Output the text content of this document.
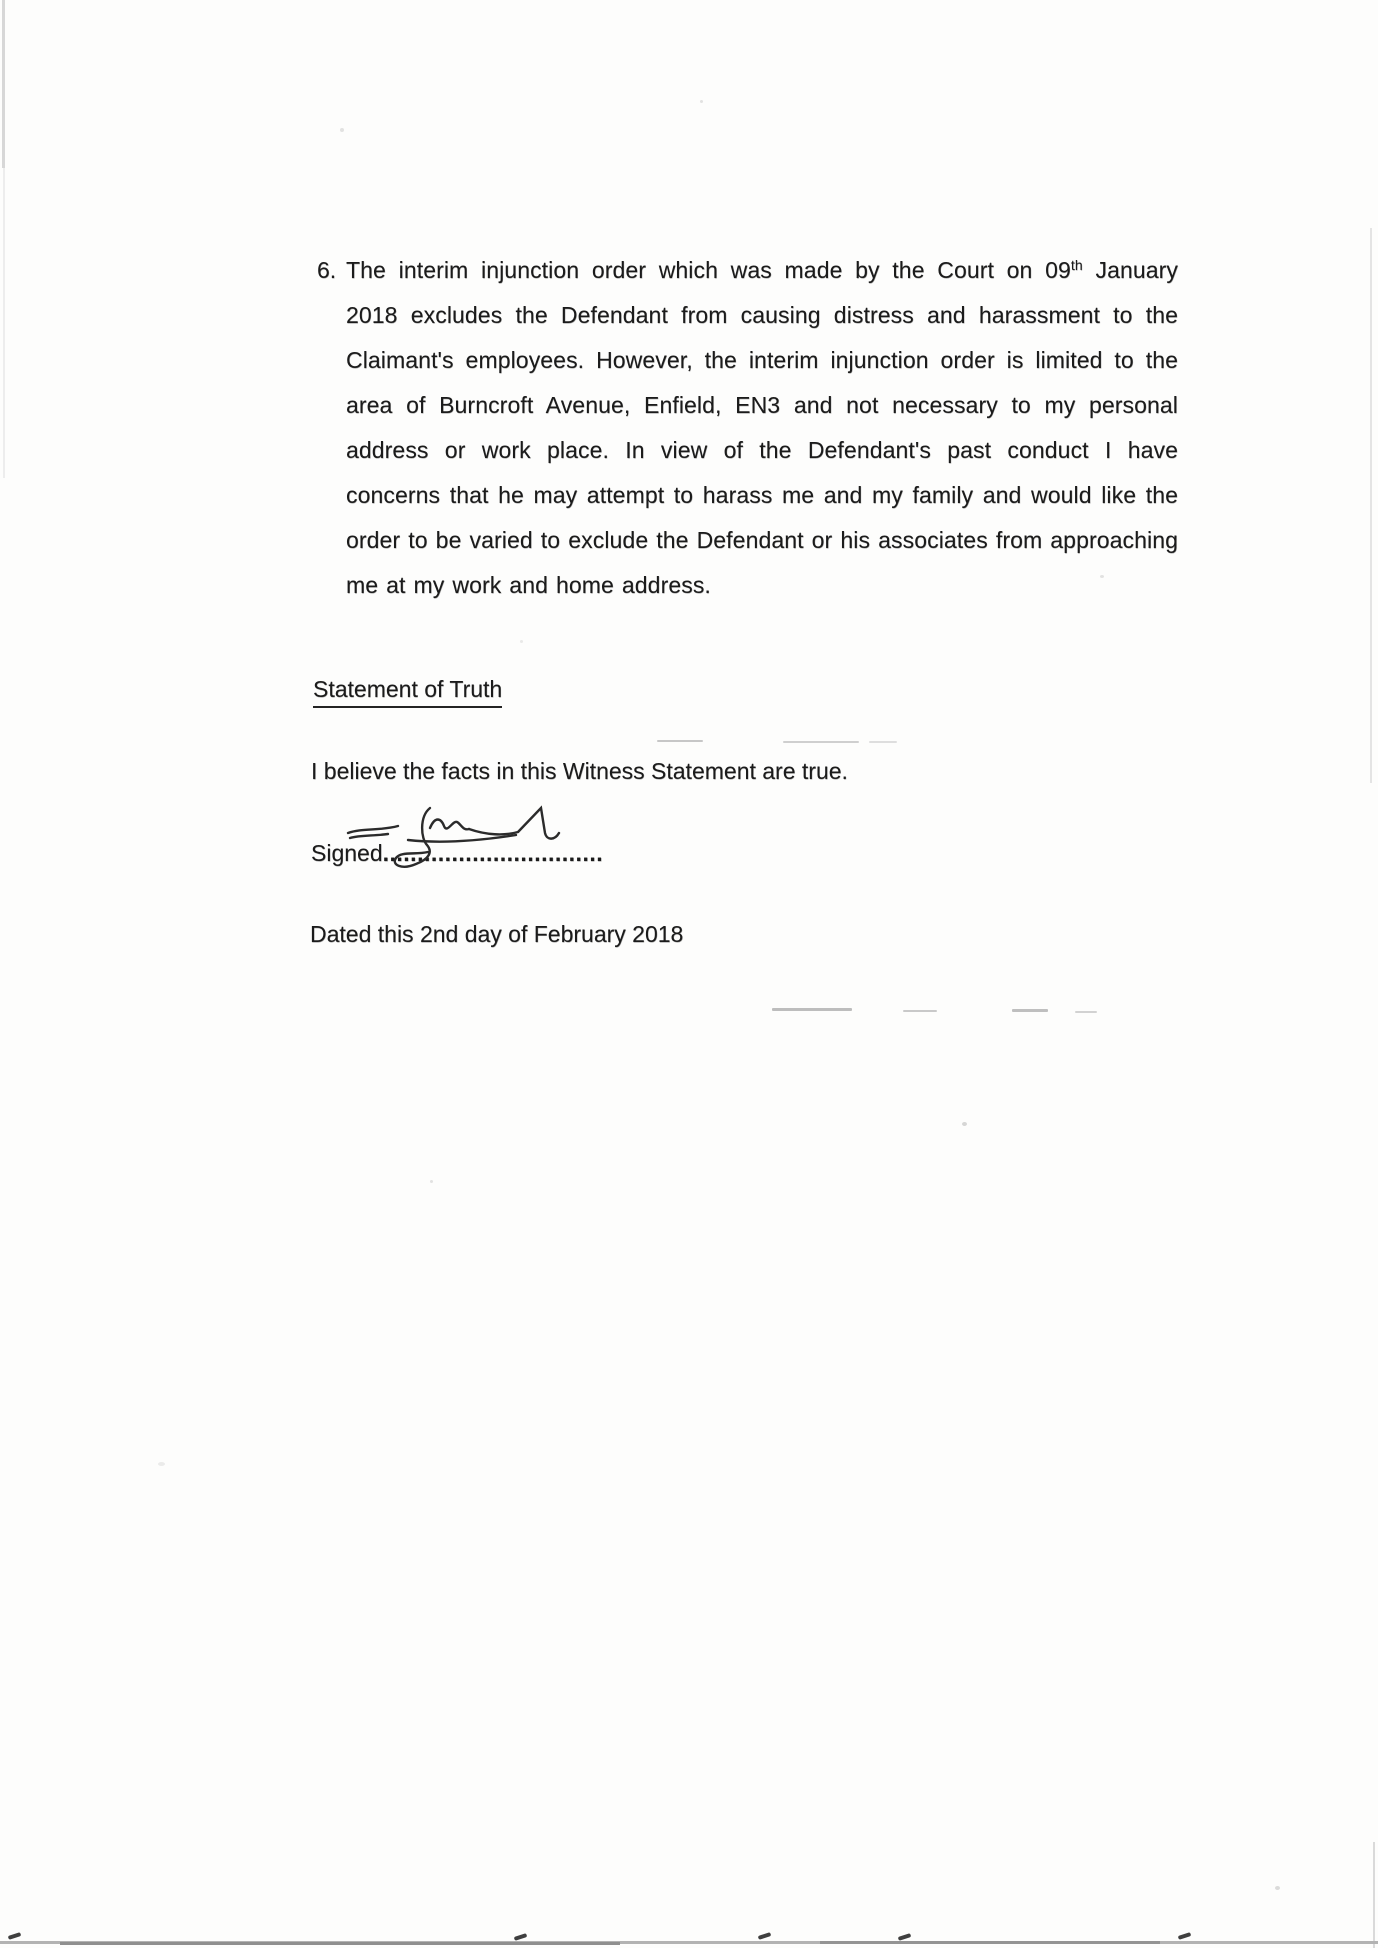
6. The interim injunction order which was made by the Court on 09th January 2018 excludes the Defendant from causing distress and harassment to the Claimant's employees. However, the interim injunction order is limited to the area of Burncroft Avenue, Enfield, EN3 and not necessary to my personal address or work place. In view of the Defendant's past conduct I have concerns that he may attempt to harass me and my family and would like the order to be varied to exclude the Defendant or his associates from approaching me at my work and home address.
Statement of Truth
I believe the facts in this Witness Statement are true.
Signed................................
Dated this 2nd day of February 2018
